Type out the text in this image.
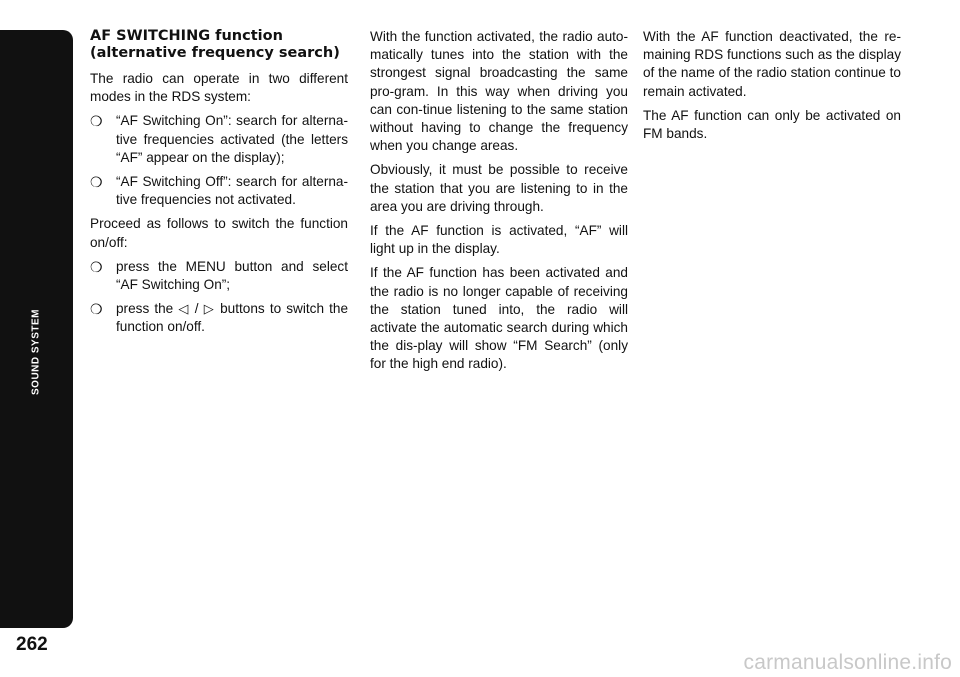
SOUND SYSTEM
262
AF SWITCHING function (alternative frequency search)

The radio can operate in two different modes in the RDS system:

❍ “AF Switching On”: search for alterna-tive frequencies activated (the letters “AF” appear on the display);
❍ “AF Switching Off”: search for alterna-tive frequencies not activated.

Proceed as follows to switch the function on/off:

❍ press the MENU button and select “AF Switching On”;
❍ press the ◁ / ▷ buttons to switch the function on/off.

With the function activated, the radio auto-matically tunes into the station with the strongest signal broadcasting the same pro-gram. In this way when driving you can con-tinue listening to the same station without having to change the frequency when you change areas.

Obviously, it must be possible to receive the station that you are listening to in the area you are driving through.

If the AF function is activated, “AF” will light up in the display.

If the AF function has been activated and the radio is no longer capable of receiving the station tuned into, the radio will activate the automatic search during which the dis-play will show “FM Search” (only for the high end radio).

With the AF function deactivated, the re-maining RDS functions such as the display of the name of the radio station continue to remain activated.

The AF function can only be activated on FM bands.

carmanualsonline.info
